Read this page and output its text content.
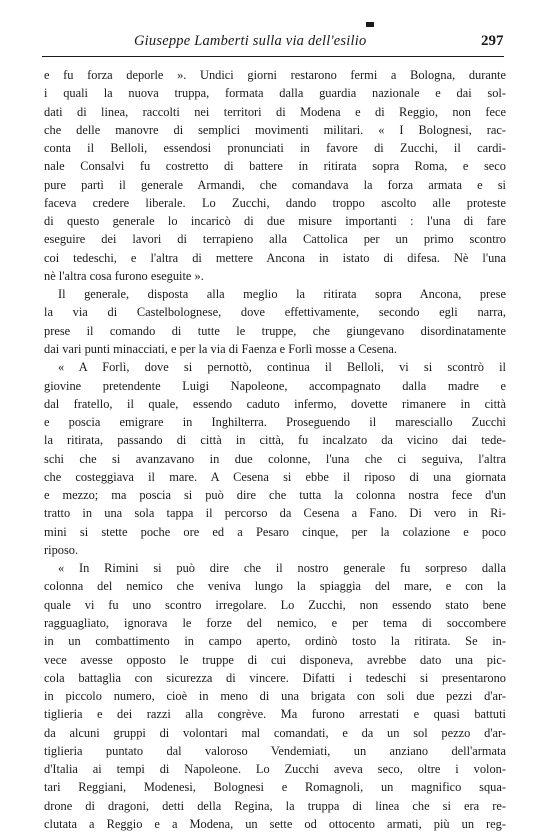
Giuseppe Lamberti sulla via dell'esilio	297
e fu forza deporle ». Undici giorni restarono fermi a Bologna, durante
i quali la nuova truppa, formata dalla guardia nazionale e dai sol-
dati di linea, raccolti nei territori di Modena e di Reggio, non fece
che delle manovre di semplici movimenti militari. « I Bolognesi, rac-
conta il Belloli, essendosi pronunciati in favore di Zucchi, il cardi-
nale Consalvi fu costretto di battere in ritirata sopra Roma, e seco
pure partì il generale Armandi, che comandava la forza armata e si
faceva credere liberale. Lo Zucchi, dando troppo ascolto alle proteste
di questo generale lo incaricò di due misure importanti : l'una di fare
eseguire dei lavori di terrapieno alla Cattolica per un primo scontro
coi tedeschi, e l'altra di mettere Ancona in istato di difesa. Nè l'una
nè l'altra cosa furono eseguite ».
Il generale, disposta alla meglio la ritirata sopra Ancona, prese
la via di Castelbolognese, dove effettivamente, secondo egli narra,
prese il comando di tutte le truppe, che giungevano disordinatamente
dai vari punti minacciati, e per la via di Faenza e Forlì mosse a Cesena.
« A Forlì, dove si pernottò, continua il Belloli, vi si scontrò il
giovine pretendente Luigi Napoleone, accompagnato dalla madre e
dal fratello, il quale, essendo caduto infermo, dovette rimanere in città
e poscia emigrare in Inghilterra. Proseguendo il maresciallo Zucchi
la ritirata, passando di città in città, fu incalzato da vicino dai tede-
schi che si avanzavano in due colonne, l'una che ci seguiva, l'altra
che costeggiava il mare. A Cesena si ebbe il riposo di una giornata
e mezzo; ma poscia si può dire che tutta la colonna nostra fece d'un
tratto in una sola tappa il percorso da Cesena a Fano. Di vero in Ri-
mini si stette poche ore ed a Pesaro cinque, per la colazione e poco
riposo.
« In Rimini si può dire che il nostro generale fu sorpreso dalla
colonna del nemico che veniva lungo la spiaggia del mare, e con la
quale vi fu uno scontro irregolare. Lo Zucchi, non essendo stato bene
ragguagliato, ignorava le forze del nemico, e per tema di soccombere
in un combattimento in campo aperto, ordinò tosto la ritirata. Se in-
vece avesse opposto le truppe di cui disponeva, avrebbe dato una pic-
cola battaglia con sicurezza di vincere. Difatti i tedeschi si presentarono
in piccolo numero, cioè in meno di una brigata con soli due pezzi d'ar-
tiglieria e dei razzi alla congrève. Ma furono arrestati e quasi battuti
da alcuni gruppi di volontari mal comandati, e da un sol pezzo d'ar-
tiglieria puntato dal valoroso Vendemiati, un anziano dell'armata
d'Italia ai tempi di Napoleone. Lo Zucchi aveva seco, oltre i volon-
tari Reggiani, Modenesi, Bolognesi e Romagnoli, un magnifico squa-
drone di dragoni, detti della Regina, la truppa di linea che si era re-
clutata a Reggio e a Modena, un sette od ottocento armati, più un reg-
